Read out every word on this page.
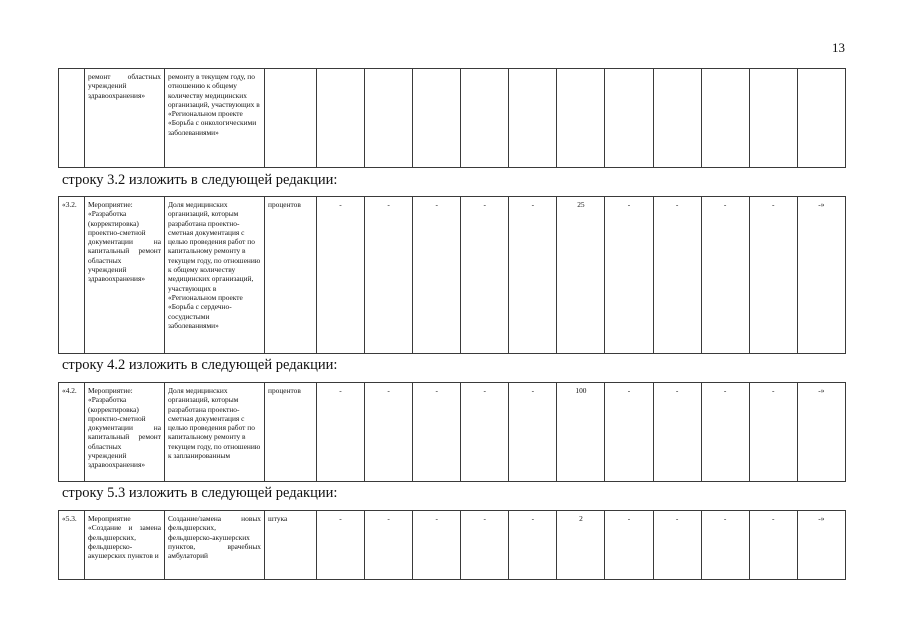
13
	ремонт областных учреждений здравоохранения»	ремонту в текущем году, по отношению к общему количеству медицинских организаций, участвующих в «Региональном проекте «Борьба с онкологическими заболеваниями»												
строку 3.2 изложить в следующей редакции:
«3.2.	Мероприятие: «Разработка (корректировка) проектно-сметной документации на капитальный ремонт областных учреждений здравоохранения»	Доля медицинских организаций, которым разработана проектно-сметная документация с целью проведения работ по капитальному ремонту в текущем году, по отношению к общему количеству медицинских организаций, участвующих в «Региональном проекте «Борьба с сердечно-сосудистыми заболеваниями»	процентов	-	-	-	-	-	25	-	-	-	-	-»
строку 4.2 изложить в следующей редакции:
«4.2.	Мероприятие: «Разработка (корректировка) проектно-сметной документации на капитальный ремонт областных учреждений здравоохранения»	Доля медицинских организаций, которым разработана проектно-сметная документация с целью проведения работ по капитальному ремонту в текущем году, по отношению к запланированным	процентов	-	-	-	-	-	100	-	-	-	-	-»
строку 5.3 изложить в следующей редакции:
«5.3.	Мероприятие «Создание и замена фельдшерских, фельдшерско-акушерских пунктов и	Создание/замена новых фельдшерских, фельдшерско-акушерских пунктов, врачебных амбулаторий	штука	-	-	-	-	-	2	-	-	-	-	-»
